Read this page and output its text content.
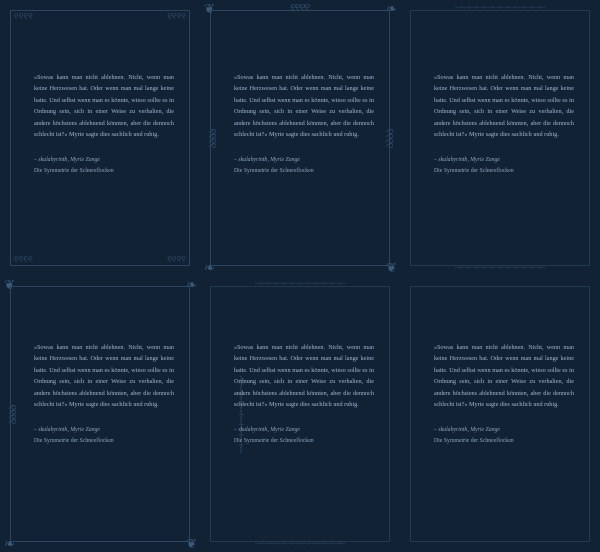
୧୧୧୧	୧୧୧୧
୧୧୧୧	୧୧୧୧

»Sowas kann man nicht ablehnen. Nicht, wenn man keine Herzwesen hat. Oder wenn man mal lange keine hatte. Und selbst wenn man es könnte, wieso sollte es in Ordnung sein, sich in einer Weise zu verhalten, die andere höchstens ablehnend könnten, aber die dennoch schlecht ist?« Myrie sagte dies sachlich und ruhig.

– skalabyrinth, Myrie Zange
Die Symmetrie der Schneeflocken
❦	❧
❧	❦
୧୧୧୧
୧୧୧୧	୧୧୧୧

»Sowas kann man nicht ablehnen. Nicht, wenn man keine Herzwesen hat. Oder wenn man mal lange keine hatte. Und selbst wenn man es könnte, wieso sollte es in Ordnung sein, sich in einer Weise zu verhalten, die andere höchstens ablehnend könnten, aber die dennoch schlecht ist?« Myrie sagte dies sachlich und ruhig.

– skalabyrinth, Myrie Zange
Die Symmetrie der Schneeflocken
~+~+~+~+~+~+~+~+~+~+~+~
~+~+~+~+~+~+~+~+~+~+~+~

»Sowas kann man nicht ablehnen. Nicht, wenn man keine Herzwesen hat. Oder wenn man mal lange keine hatte. Und selbst wenn man es könnte, wieso sollte es in Ordnung sein, sich in einer Weise zu verhalten, die andere höchstens ablehnend könnten, aber die dennoch schlecht ist?« Myrie sagte dies sachlich und ruhig.

– skalabyrinth, Myrie Zange
Die Symmetrie der Schneeflocken
❦	❧
❧	❦
୧୧୧୧

»Sowas kann man nicht ablehnen. Nicht, wenn man keine Herzwesen hat. Oder wenn man mal lange keine hatte. Und selbst wenn man es könnte, wieso sollte es in Ordnung sein, sich in einer Weise zu verhalten, die andere höchstens ablehnend könnten, aber die dennoch schlecht ist?« Myrie sagte dies sachlich und ruhig.

– skalabyrinth, Myrie Zange
Die Symmetrie der Schneeflocken
~+~+~+~+~+~+~+~+~+~+~+~
~+~+~+~+~+~+~+~+~+~+~+~
~+~+~+~+~+~+~+~

»Sowas kann man nicht ablehnen. Nicht, wenn man keine Herzwesen hat. Oder wenn man mal lange keine hatte. Und selbst wenn man es könnte, wieso sollte es in Ordnung sein, sich in einer Weise zu verhalten, die andere höchstens ablehnend könnten, aber die dennoch schlecht ist?« Myrie sagte dies sachlich und ruhig.

– skalabyrinth, Myrie Zange
Die Symmetrie der Schneeflocken

»Sowas kann man nicht ablehnen. Nicht, wenn man keine Herzwesen hat. Oder wenn man mal lange keine hatte. Und selbst wenn man es könnte, wieso sollte es in Ordnung sein, sich in einer Weise zu verhalten, die andere höchstens ablehnend könnten, aber die dennoch schlecht ist?« Myrie sagte dies sachlich und ruhig.

– skalabyrinth, Myrie Zange
Die Symmetrie der Schneeflocken
